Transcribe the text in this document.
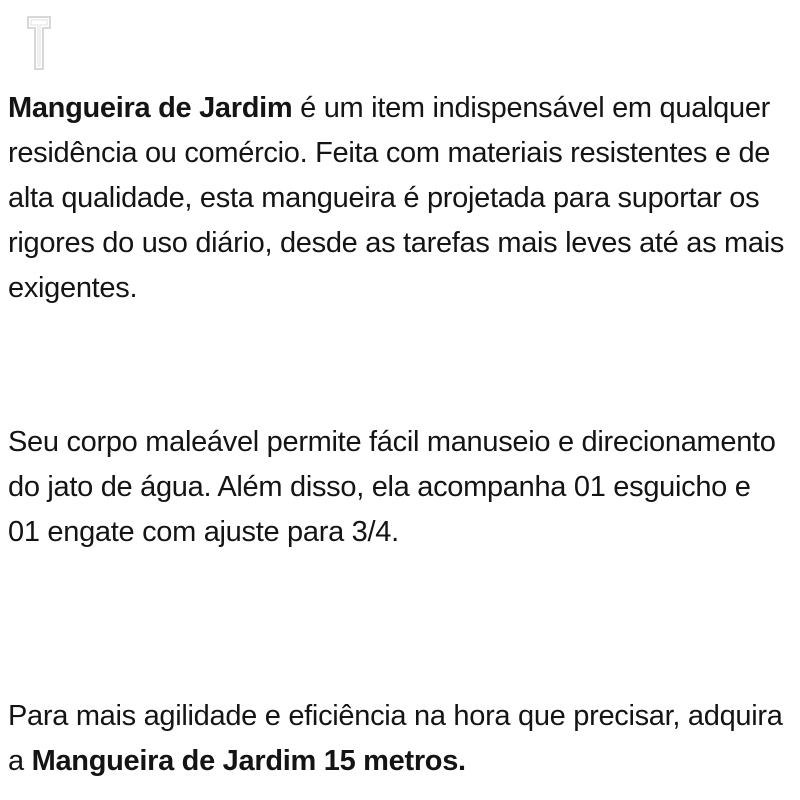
Mangueira de Jardim é um item indispensável em qualquer residência ou comércio. Feita com materiais resistentes e de alta qualidade, esta mangueira é projetada para suportar os rigores do uso diário, desde as tarefas mais leves até as mais exigentes.

Seu corpo maleável permite fácil manuseio e direcionamento do jato de água. Além disso, ela acompanha 01 esguicho e 01 engate com ajuste para 3/4.

Para mais agilidade e eficiência na hora que precisar, adquira a Mangueira de Jardim 15 metros.
